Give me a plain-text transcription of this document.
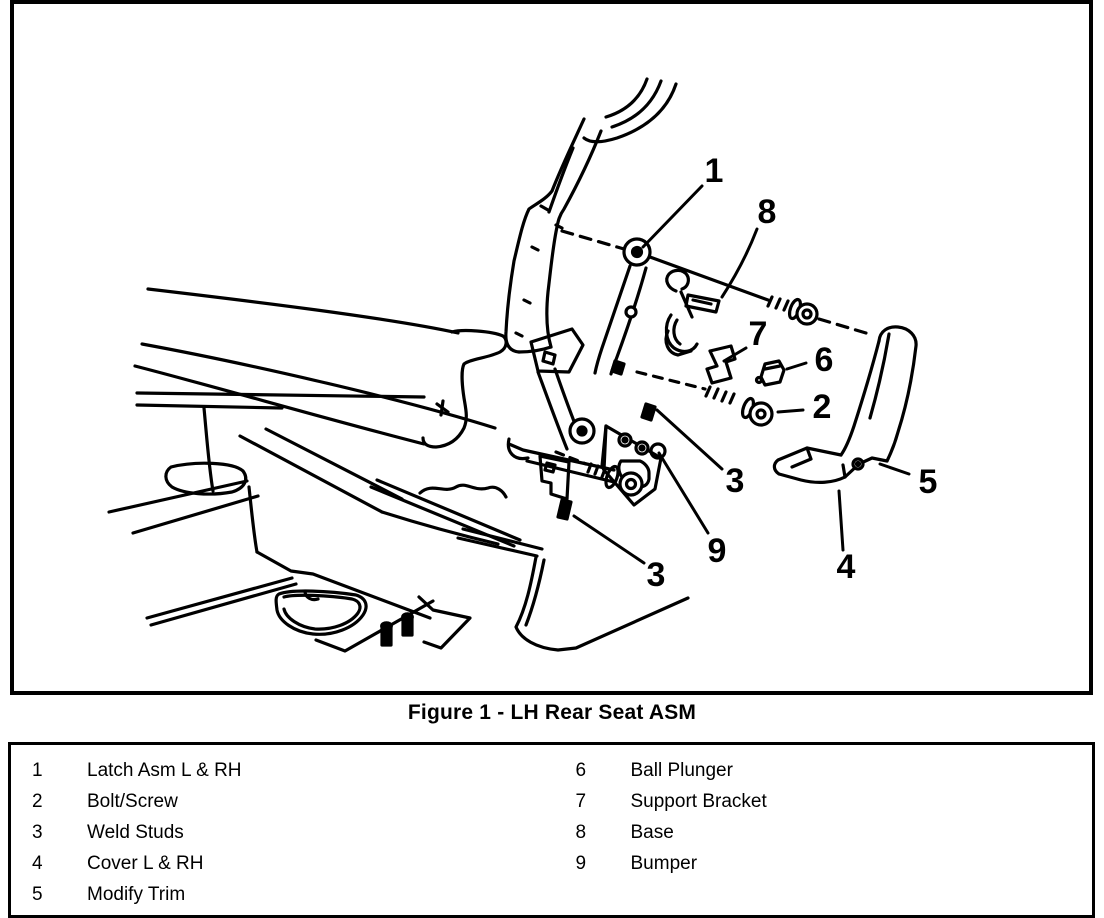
1
8
7
6
2
5
4
3
9
3
Figure 1 - LH Rear Seat ASM
1	Latch Asm L & RH
2	Bolt/Screw
3	Weld Studs
4	Cover L & RH
5	Modify Trim
6	Ball Plunger
7	Support Bracket
8	Base
9	Bumper
